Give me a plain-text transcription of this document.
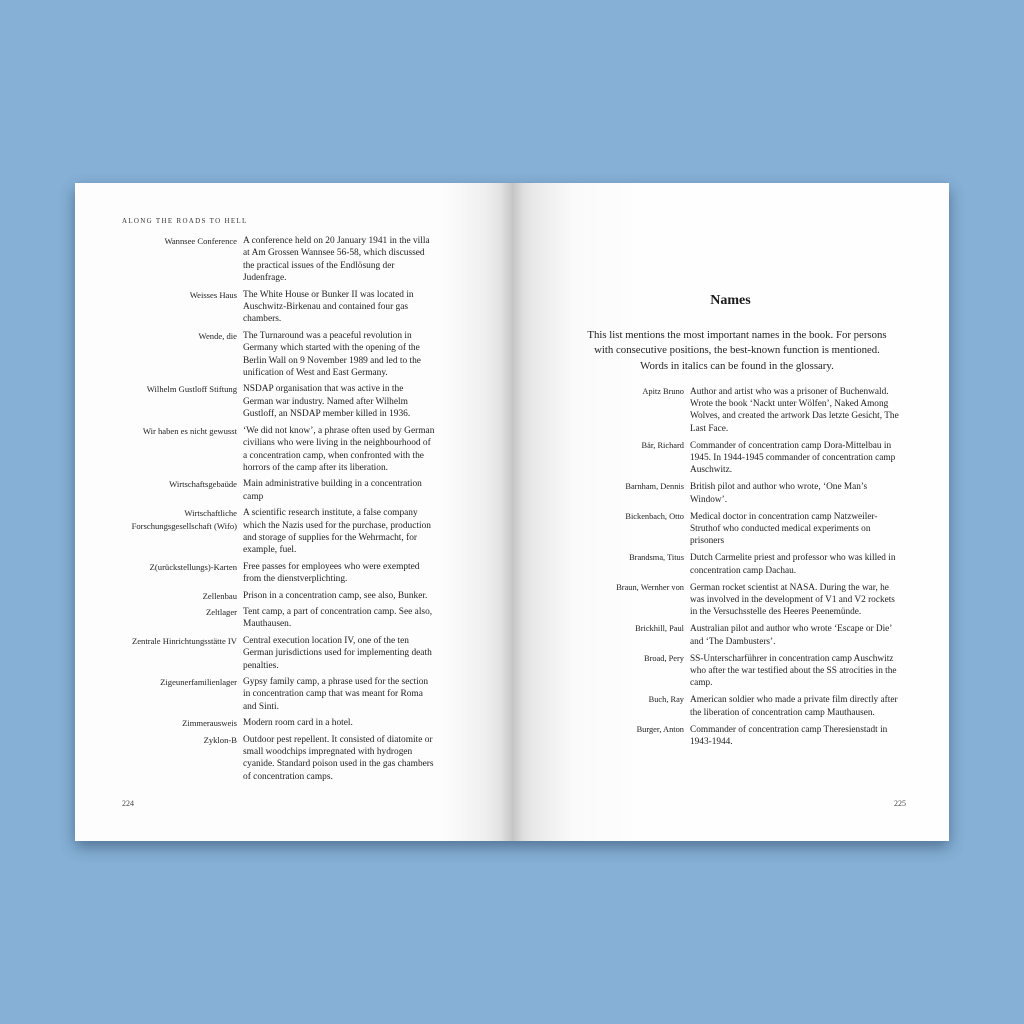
ALONG THE ROADS TO HELL
Wannsee Conference A conference held on 20 January 1941 in the villa at Am Grossen Wannsee 56-58, which discussed the practical issues of the Endlösung der Judenfrage.
Weisses Haus The White House or Bunker II was located in Auschwitz-Birkenau and contained four gas chambers.
Wende, die The Turnaround was a peaceful revolution in Germany which started with the opening of the Berlin Wall on 9 November 1989 and led to the unification of West and East Germany.
Wilhelm Gustloff Stiftung NSDAP organisation that was active in the German war industry. Named after Wilhelm Gustloff, an NSDAP member killed in 1936.
Wir haben es nicht gewusst ‘We did not know’, a phrase often used by German civilians who were living in the neighbourhood of a concentration camp, when confronted with the horrors of the camp after its liberation.
Wirtschaftsgebaüde Main administrative building in a concentration camp
Wirtschaftliche Forschungsgesellschaft (Wifo)
A scientific research institute, a false company which the Nazis used for the purchase, production and storage of supplies for the Wehrmacht, for example, fuel.
Z(urückstellungs)-Karten Free passes for employees who were exempted from the dienstverplichting.
Zellenbau Prison in a concentration camp, see also, Bunker.
Zeltlager Tent camp, a part of concentration camp. See also, Mauthausen.
Zentrale Hinrichtungsstätte IV Central execution location IV, one of the ten German jurisdictions used for implementing death penalties.
Zigeunerfamilienlager Gypsy family camp, a phrase used for the section in concentration camp that was meant for Roma and Sinti.
Zimmerausweis Modern room card in a hotel.
Zyklon-B Outdoor pest repellent. It consisted of diatomite or small woodchips impregnated with hydrogen cyanide. Standard poison used in the gas chambers of concentration camps.
224
Names
This list mentions the most important names in the book. For persons with consecutive positions, the best-known function is mentioned. Words in italics can be found in the glossary.
Apitz Bruno Author and artist who was a prisoner of Buchenwald. Wrote the book ‘Nackt unter Wölfen’, Naked Among Wolves, and created the artwork Das letzte Gesicht, The Last Face.
Bär, Richard Commander of concentration camp Dora-Mittelbau in 1945. In 1944-1945 commander of concentration camp Auschwitz.
Barnham, Dennis British pilot and author who wrote, ‘One Man’s Window’.
Bickenbach, Otto Medical doctor in concentration camp Natzweiler-Struthof who conducted medical experiments on prisoners
Brandsma, Titus Dutch Carmelite priest and professor who was killed in concentration camp Dachau.
Braun, Wernher von German rocket scientist at NASA. During the war, he was involved in the development of V1 and V2 rockets in the Versuchsstelle des Heeres Peenemünde.
Brickhill, Paul Australian pilot and author who wrote ‘Escape or Die’ and ‘The Dambusters’.
Broad, Pery SS-Unterscharführer in concentration camp Auschwitz who after the war testified about the SS atrocities in the camp.
Buch, Ray American soldier who made a private film directly after the liberation of concentration camp Mauthausen.
Burger, Anton Commander of concentration camp Theresienstadt in 1943-1944.
225
